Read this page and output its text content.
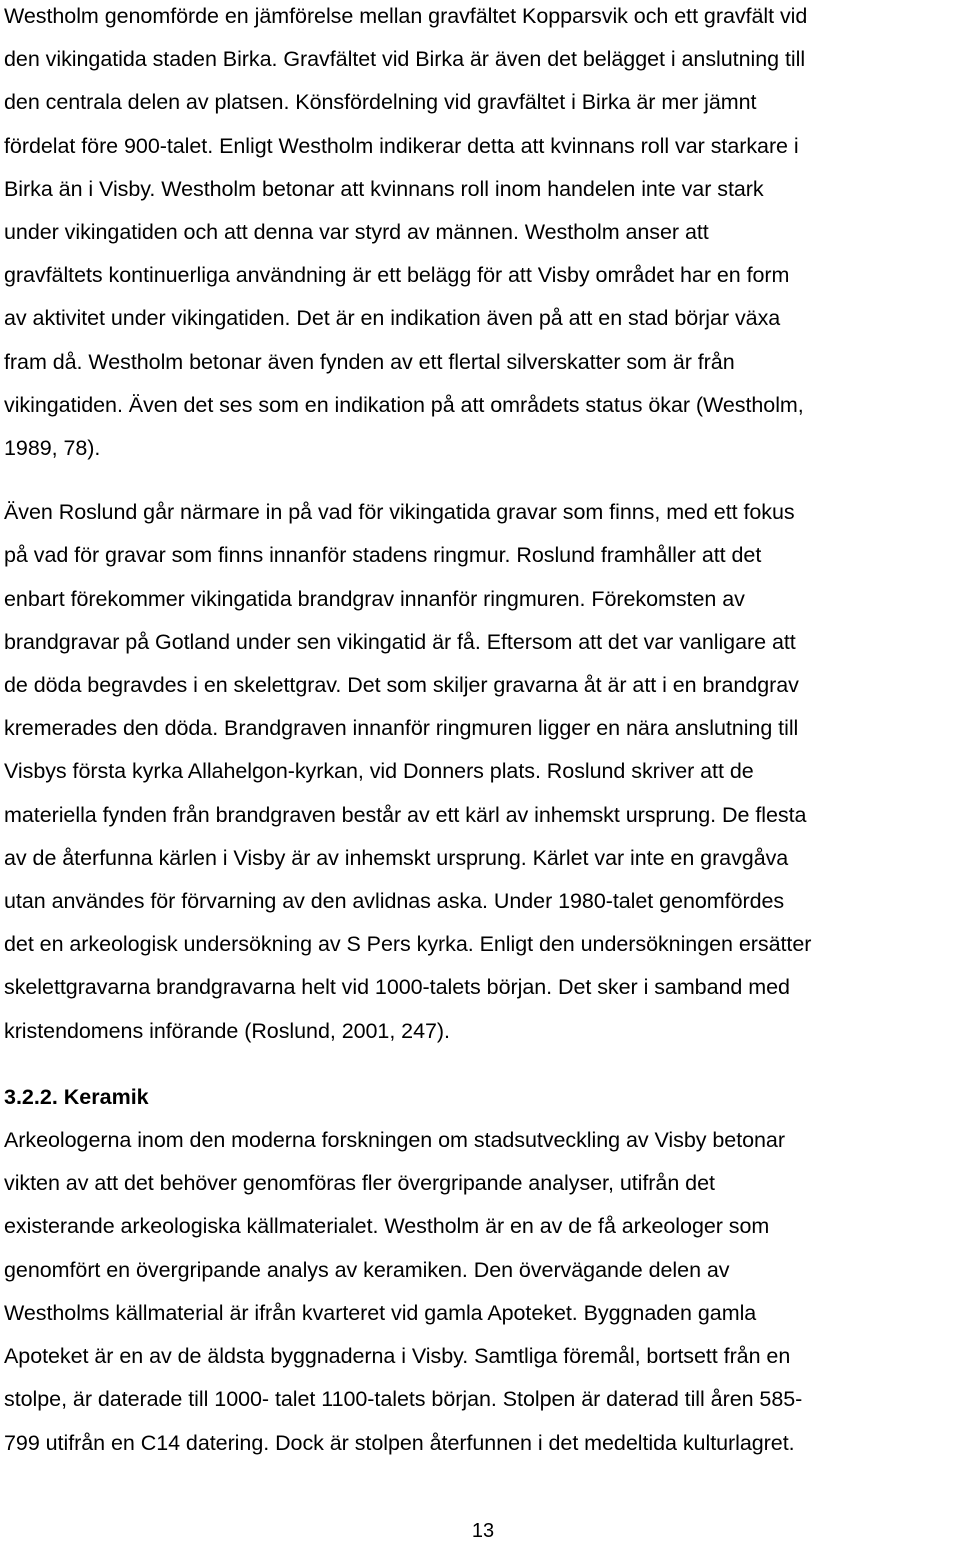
Westholm genomförde en jämförelse mellan gravfältet Kopparsvik och ett gravfält vid
den vikingatida staden Birka. Gravfältet vid Birka är även det belägget i anslutning till
den centrala delen av platsen. Könsfördelning vid gravfältet i Birka är mer jämnt
fördelat före 900-talet. Enligt Westholm indikerar detta att kvinnans roll var starkare i
Birka än i Visby. Westholm betonar att kvinnans roll inom handelen inte var stark
under vikingatiden och att denna var styrd av männen. Westholm anser att
gravfältets kontinuerliga användning är ett belägg för att Visby området har en form
av aktivitet under vikingatiden. Det är en indikation även på att en stad börjar växa
fram då. Westholm betonar även fynden av ett flertal silverskatter som är från
vikingatiden. Även det ses som en indikation på att områdets status ökar (Westholm,
1989, 78).
Även Roslund går närmare in på vad för vikingatida gravar som finns, med ett fokus
på vad för gravar som finns innanför stadens ringmur. Roslund framhåller att det
enbart förekommer vikingatida brandgrav innanför ringmuren. Förekomsten av
brandgravar på Gotland under sen vikingatid är få. Eftersom att det var vanligare att
de döda begravdes i en skelettgrav. Det som skiljer gravarna åt är att i en brandgrav
kremerades den döda. Brandgraven innanför ringmuren ligger en nära anslutning till
Visbys första kyrka Allahelgon-kyrkan, vid Donners plats. Roslund skriver att de
materiella fynden från brandgraven består av ett kärl av inhemskt ursprung. De flesta
av de återfunna kärlen i Visby är av inhemskt ursprung. Kärlet var inte en gravgåva
utan användes för förvarning av den avlidnas aska. Under 1980-talet genomfördes
det en arkeologisk undersökning av S Pers kyrka. Enligt den undersökningen ersätter
skelettgravarna brandgravarna helt vid 1000-talets början. Det sker i samband med
kristendomens införande (Roslund, 2001, 247).
3.2.2. Keramik
Arkeologerna inom den moderna forskningen om stadsutveckling av Visby betonar
vikten av att det behöver genomföras fler övergripande analyser, utifrån det
existerande arkeologiska källmaterialet. Westholm är en av de få arkeologer som
genomfört en övergripande analys av keramiken. Den övervägande delen av
Westholms källmaterial är ifrån kvarteret vid gamla Apoteket. Byggnaden gamla
Apoteket är en av de äldsta byggnaderna i Visby. Samtliga föremål, bortsett från en
stolpe, är daterade till 1000- talet 1100-talets början. Stolpen är daterad till åren 585-
799 utifrån en C14 datering. Dock är stolpen återfunnen i det medeltida kulturlagret.
13
